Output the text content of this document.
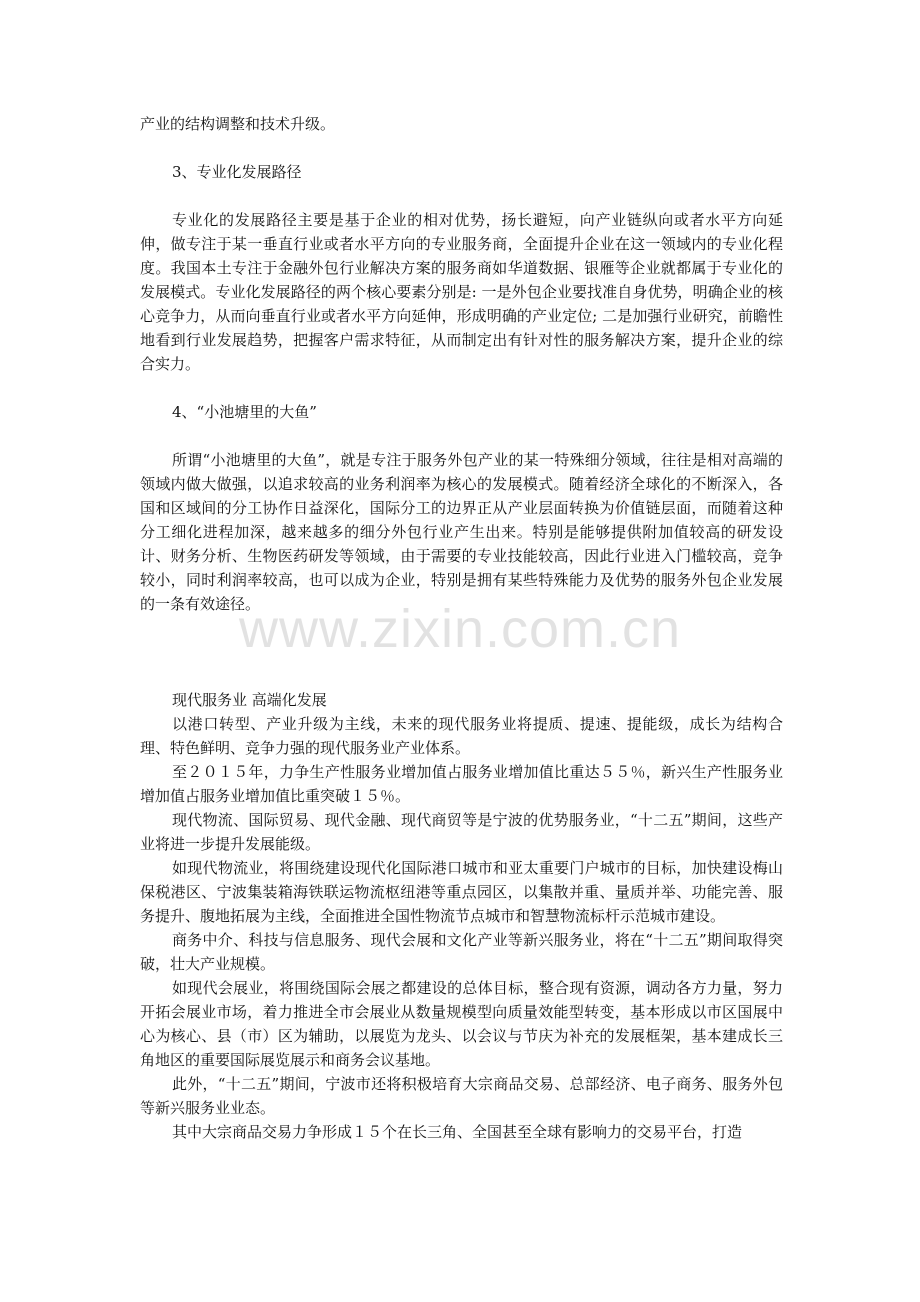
产业的结构调整和技术升级。

3、专业化发展路径

专业化的发展路径主要是基于企业的相对优势，扬长避短，向产业链纵向或者水平方向延伸，做专注于某一垂直行业或者水平方向的专业服务商，全面提升企业在这一领域内的专业化程度。我国本土专注于金融外包行业解决方案的服务商如华道数据、银雁等企业就都属于专业化的发展模式。专业化发展路径的两个核心要素分别是: 一是外包企业要找准自身优势，明确企业的核心竞争力，从而向垂直行业或者水平方向延伸，形成明确的产业定位; 二是加强行业研究，前瞻性地看到行业发展趋势，把握客户需求特征，从而制定出有针对性的服务解决方案，提升企业的综合实力。

4、“小池塘里的大鱼”

所谓“小池塘里的大鱼”，就是专注于服务外包产业的某一特殊细分领域，往往是相对高端的领域内做大做强，以追求较高的业务利润率为核心的发展模式。随着经济全球化的不断深入，各国和区域间的分工协作日益深化，国际分工的边界正从产业层面转换为价值链层面，而随着这种分工细化进程加深，越来越多的细分外包行业产生出来。特别是能够提供附加值较高的研发设计、财务分析、生物医药研发等领域，由于需要的专业技能较高，因此行业进入门槛较高，竞争较小，同时利润率较高，也可以成为企业，特别是拥有某些特殊能力及优势的服务外包企业发展的一条有效途径。

www.zixin.com.cn

现代服务业 高端化发展

以港口转型、产业升级为主线，未来的现代服务业将提质、提速、提能级，成长为结构合理、特色鲜明、竞争力强的现代服务业产业体系。

至２０１５年，力争生产性服务业增加值占服务业增加值比重达５５％，新兴生产性服务业增加值占服务业增加值比重突破１５％。

现代物流、国际贸易、现代金融、现代商贸等是宁波的优势服务业，“十二五”期间，这些产业将进一步提升发展能级。

如现代物流业，将围绕建设现代化国际港口城市和亚太重要门户城市的目标，加快建设梅山保税港区、宁波集装箱海铁联运物流枢纽港等重点园区，以集散并重、量质并举、功能完善、服务提升、腹地拓展为主线，全面推进全国性物流节点城市和智慧物流标杆示范城市建设。

商务中介、科技与信息服务、现代会展和文化产业等新兴服务业，将在“十二五”期间取得突破，壮大产业规模。

如现代会展业，将围绕国际会展之都建设的总体目标，整合现有资源，调动各方力量，努力开拓会展业市场，着力推进全市会展业从数量规模型向质量效能型转变，基本形成以市区国展中心为核心、县（市）区为辅助，以展览为龙头、以会议与节庆为补充的发展框架，基本建成长三角地区的重要国际展览展示和商务会议基地。

此外，“十二五”期间，宁波市还将积极培育大宗商品交易、总部经济、电子商务、服务外包等新兴服务业业态。

其中大宗商品交易力争形成１５个在长三角、全国甚至全球有影响力的交易平台，打造
